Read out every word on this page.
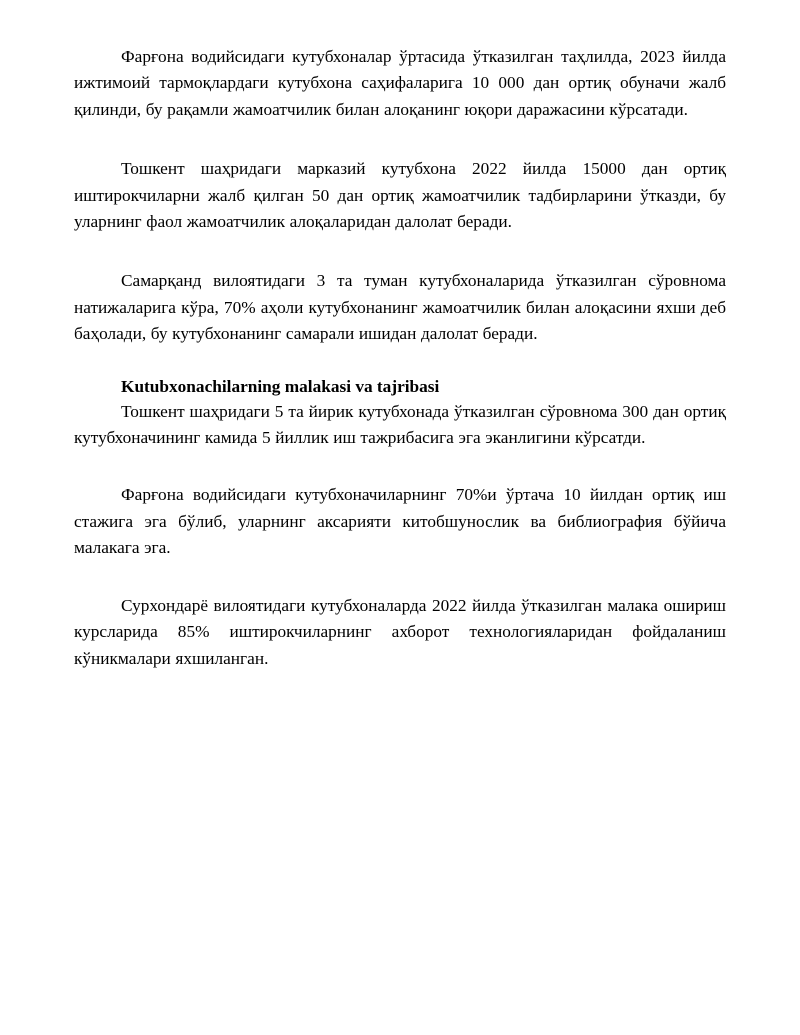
Фарғона водийсидаги кутубхоналар ўртасида ўтказилган таҳлилда, 2023 йилда ижтимоий тармоқлардаги кутубхона саҳифаларига 10 000 дан ортиқ обуначи жалб қилинди, бу рақамли жамоатчилик билан алоқанинг юқори даражасини кўрсатади.

Тошкент шаҳридаги марказий кутубхона 2022 йилда 15000 дан ортиқ иштирокчиларни жалб қилган 50 дан ортиқ жамоатчилик тадбирларини ўтказди, бу уларнинг фаол жамоатчилик алоқаларидан далолат беради.

Самарқанд вилоятидаги 3 та туман кутубхоналарида ўтказилган сўровнома натижаларига кўра, 70% аҳоли кутубхонанинг жамоатчилик билан алоқасини яхши деб баҳолади, бу кутубхонанинг самарали ишидан далолат беради.

Kutubxonachilarning malakasi va tajribasi

Тошкент шаҳридаги 5 та йирик кутубхонада ўтказилган сўровнома 300 дан ортиқ кутубхоначининг камида 5 йиллик иш тажрибасига эга эканлигини кўрсатди.

Фарғона водийсидаги кутубхоначиларнинг 70%и ўртача 10 йилдан ортиқ иш стажига эга бўлиб, уларнинг аксарияти китобшунослик ва библиография бўйича малакага эга.

Сурхондарё вилоятидаги кутубхоналарда 2022 йилда ўтказилган малака ошириш курсларида 85% иштирокчиларнинг ахборот технологияларидан фойдаланиш кўникмалари яхшиланган.
